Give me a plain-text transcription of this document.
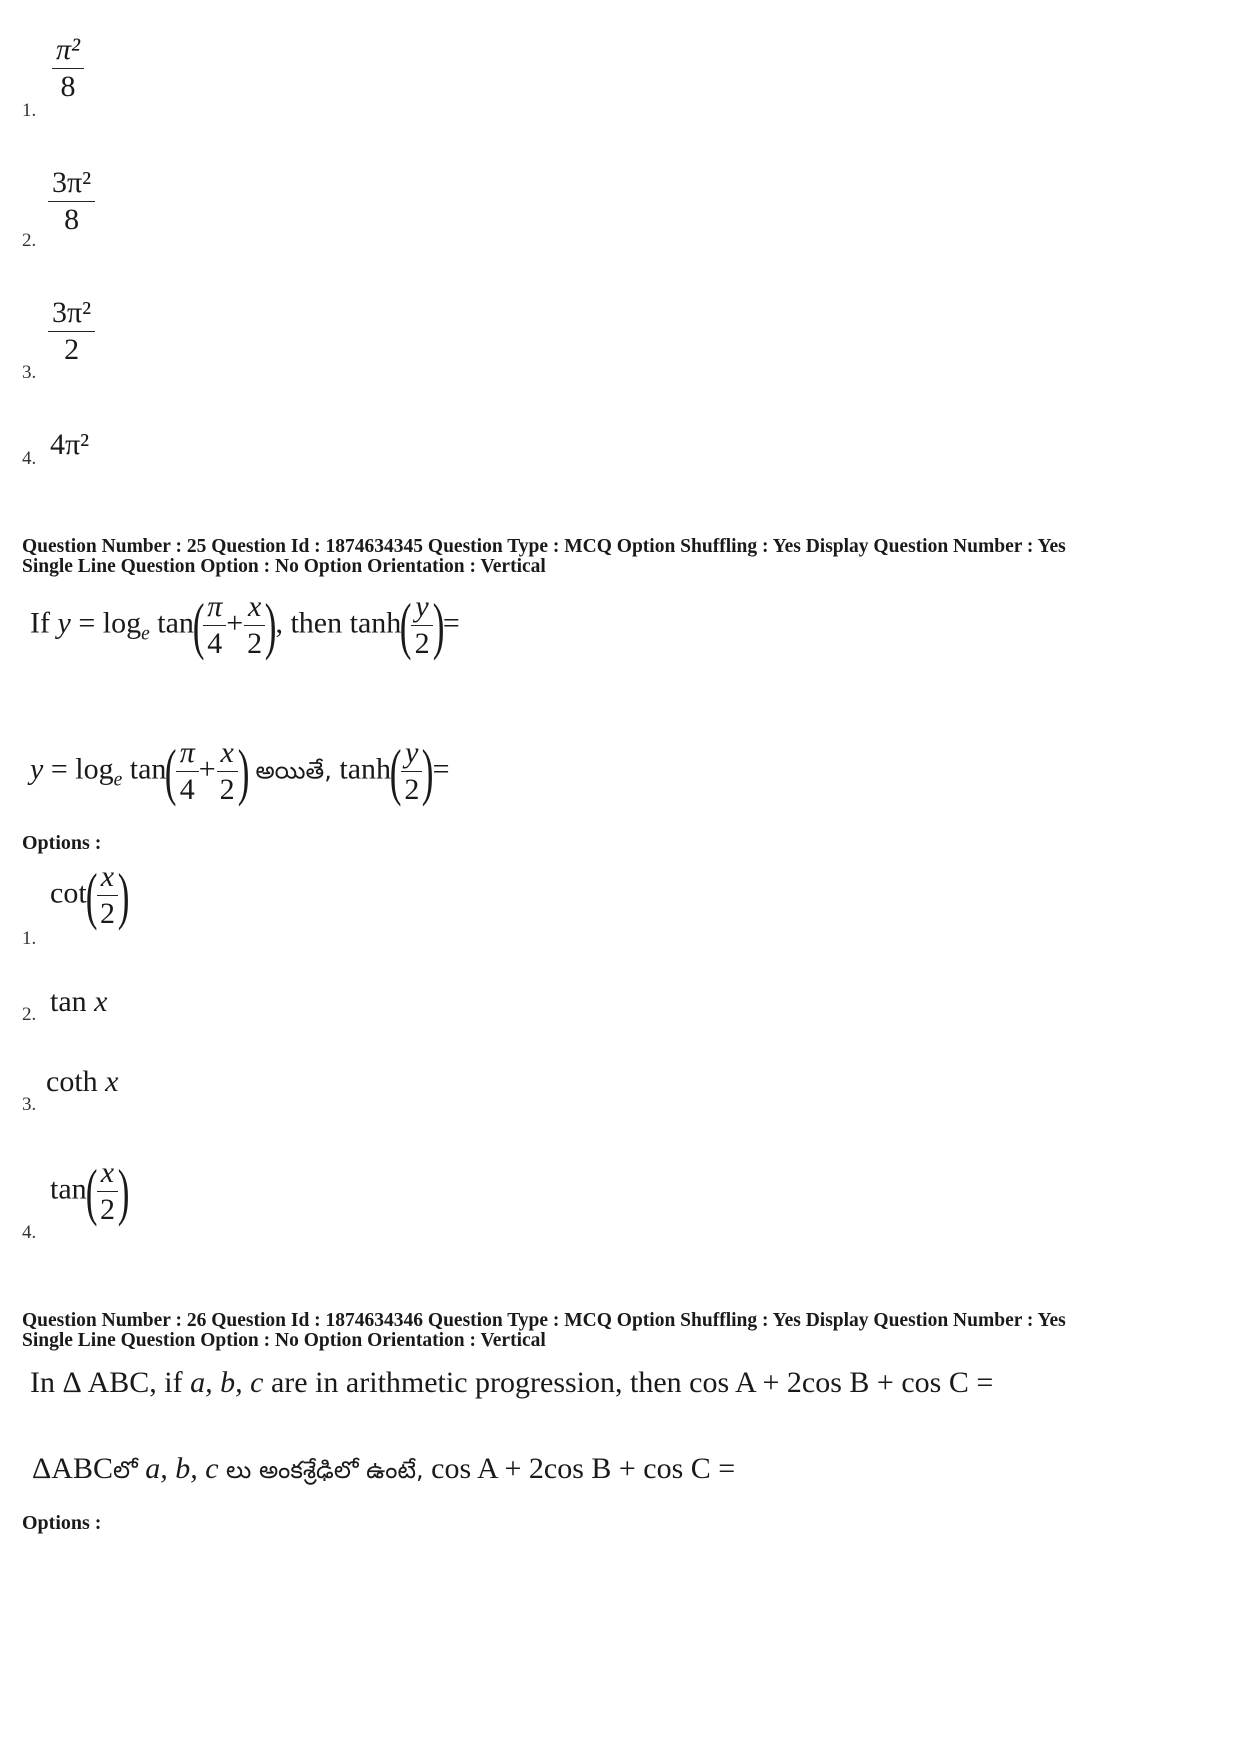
1.
$\frac{\text{π²}}{8}$
2.
$\frac{\text{3π²}}{8}$
3.
$\frac{\text{3π²}}{2}$
4. 4π²
Question Number : 25 Question Id : 1874634345 Question Type : MCQ Option Shuffling : Yes Display Question Number : Yes
Single Line Question Option : No Option Orientation : Vertical
If $y = \log_e \tan$(
$\frac{\pi}{4} + \frac{x}{2}$
), then tanh(
$\frac{y}{2}$
)=
$y = \log_e \tan$(
$\frac{\pi}{4} + \frac{x}{2}$
) అయితే, tanh(
$\frac{y}{2}$
)=
Options :
1.
cot(
$\frac{x}{2}$
)
2. tan x
3.
coth x
4.
tan(
$\frac{x}{2}$
)
Question Number : 26 Question Id : 1874634346 Question Type : MCQ Option Shuffling : Yes Display Question Number : Yes
Single Line Question Option : No Option Orientation : Vertical
In Δ ABC, if a, b, c are in arithmetic progression, then cos A + 2cos B + cos C =
ΔABCలో a, b, c లు అంకశ్రేఢిలో ఉంటే, cos A + 2cos B + cos C =
Options :
